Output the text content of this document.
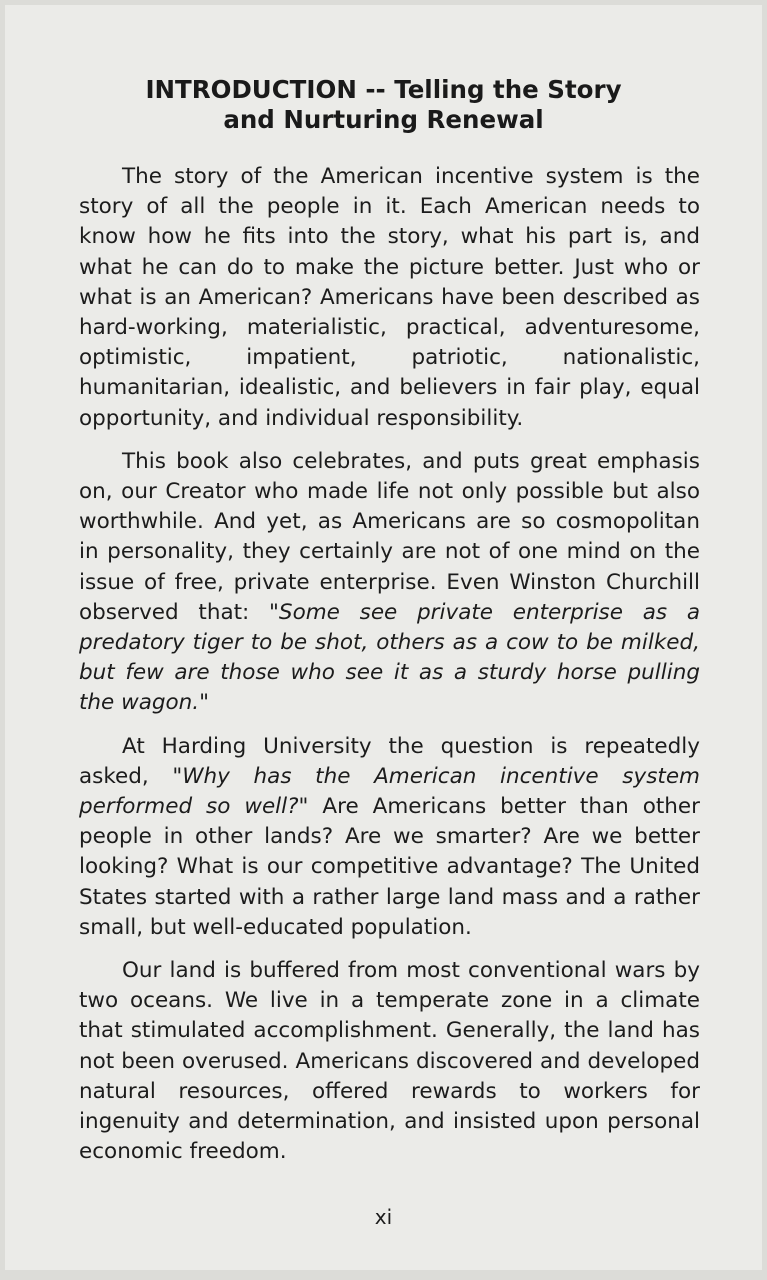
INTRODUCTION -- Telling the Story
and Nurturing Renewal

The story of the American incentive system is the story of all the people in it. Each American needs to know how he fits into the story, what his part is, and what he can do to make the picture better. Just who or what is an American? Americans have been described as hard-working, materialistic, practical, adventuresome, optimistic, impatient, patriotic, nationalistic, humanitarian, idealistic, and believers in fair play, equal opportunity, and individual responsibility.

This book also celebrates, and puts great emphasis on, our Creator who made life not only possible but also worthwhile. And yet, as Americans are so cosmopolitan in personality, they certainly are not of one mind on the issue of free, private enterprise. Even Winston Churchill observed that: "Some see private enterprise as a predatory tiger to be shot, others as a cow to be milked, but few are those who see it as a sturdy horse pulling the wagon."

At Harding University the question is repeatedly asked, "Why has the American incentive system performed so well?" Are Americans better than other people in other lands? Are we smarter? Are we better looking? What is our competitive advantage? The United States started with a rather large land mass and a rather small, but well-educated population.

Our land is buffered from most conventional wars by two oceans. We live in a temperate zone in a climate that stimulated accomplishment. Generally, the land has not been overused. Americans discovered and developed natural resources, offered rewards to workers for ingenuity and determination, and insisted upon personal economic freedom.

xi
